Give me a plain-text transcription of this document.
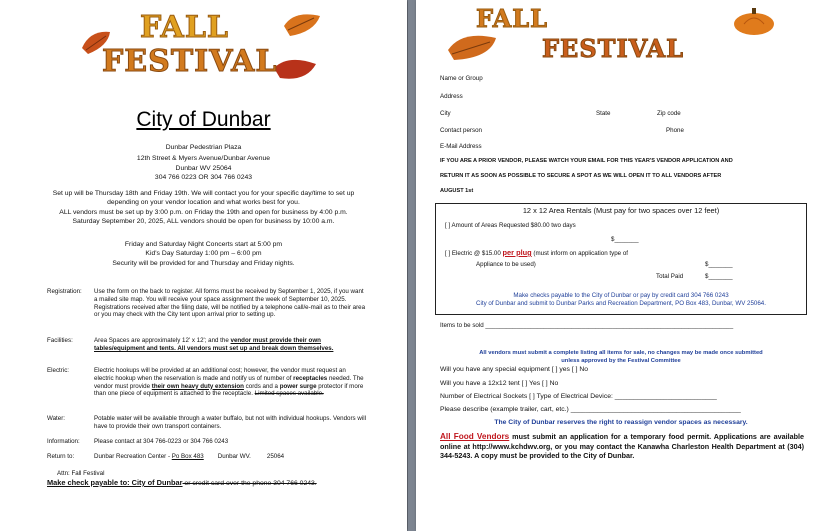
FALL
FESTIVAL
City of Dunbar
Dunbar Pedestrian Plaza
12th Street & Myers Avenue/Dunbar Avenue
Dunbar WV 25064
304 766 0223 OR 304 766 0243
Set up will be Thursday 18th and Friday 19th. We will contact you for your specific day/time to set up
depending on your vendor location and what works best for you.
ALL vendors must be set up by 3:00 p.m. on Friday the 19th and open for business by 4:00 p.m.
Saturday September 20, 2025, ALL vendors should be open for business by 10:00 a.m.
Friday and Saturday Night Concerts start at 5:00 pm
Kid's Day Saturday 1:00 pm – 6:00 pm
Security will be provided for and Thursday and Friday nights.
Registration: Use the form on the back to register. All forms must be received by September 1, 2025, if you want a mailed site map. You will receive your space assignment the week of September 10, 2025. Registrations received after the filing date, will be notified by a telephone call/e-mail as to their area or you may check with the City tent upon arrival prior to setting up.
Facilities:	Area Spaces are approximately 12' x 12'; and the vendor must provide their own tables/equipment and tents. All vendors must set up and break down themselves.
Electric:	Electric hookups will be provided at an additional cost; however, the vendor must request an electric hookup when the reservation is made and notify us of number of receptacles needed. The vendor must provide their own heavy duty extension cords and a power surge protector if more than one piece of equipment is attached to the receptacle. Limited spaces available.
Water:	Potable water will be available through a water buffalo, but not with individual hookups. Vendors will have to provide their own transport containers.
Information: Please contact at 304 766-0223 or 304 766 0243
Return to:	Dunbar Recreation Center - Po Box 483 Dunbar WV.	25064
Attn: Fall Festival
Make check payable to: City of Dunbar or credit card over the phone 304 766 0243.
FALL
FESTIVAL
Name or Group
Address
City	State	Zip code
Contact person	Phone
E-Mail Address
IF YOU ARE A PRIOR VENDOR, PLEASE WATCH YOUR EMAIL FOR THIS YEAR'S VENDOR APPLICATION AND
RETURN IT AS SOON AS POSSIBLE TO SECURE A SPOT AS WE WILL OPEN IT TO ALL VENDORS AFTER
AUGUST 1st
12 x 12 Area Rentals (Must pay for two spaces over 12 feet)
[ ] Amount of Areas Requested $80.00 two days
$_______
[ ] Electric @ $15.00 per plug (must inform on application type of
Appliance to be used)	$_______
Total Paid	$_______
Make checks payable to the City of Dunbar or pay by credit card 304 766 0243
City of Dunbar and submit to Dunbar Parks and Recreation Department, PO Box 483, Dunbar, WV 25064.
Items to be sold ________________________________________________________________________
All vendors must submit a complete listing all items for sale, no changes may be made once submitted
unless approved by the Festival Committee
Will you have any special equipment [ ] yes [ ] No
Will you have a 12x12 tent [ ] Yes [ ] No
Number of Electrical Sockets [ ] Type of Electrical Device: ___________________________
Please describe (example trailer, cart, etc.) _____________________________________________
The City of Dunbar reserves the right to reassign vendor spaces as necessary.
All Food Vendors must submit an application for a temporary food permit. Applications are available online at http://www.kchdwv.org, or you may contact the Kanawha Charleston Health Department at (304) 344-5243. A copy must be provided to the City of Dunbar.
